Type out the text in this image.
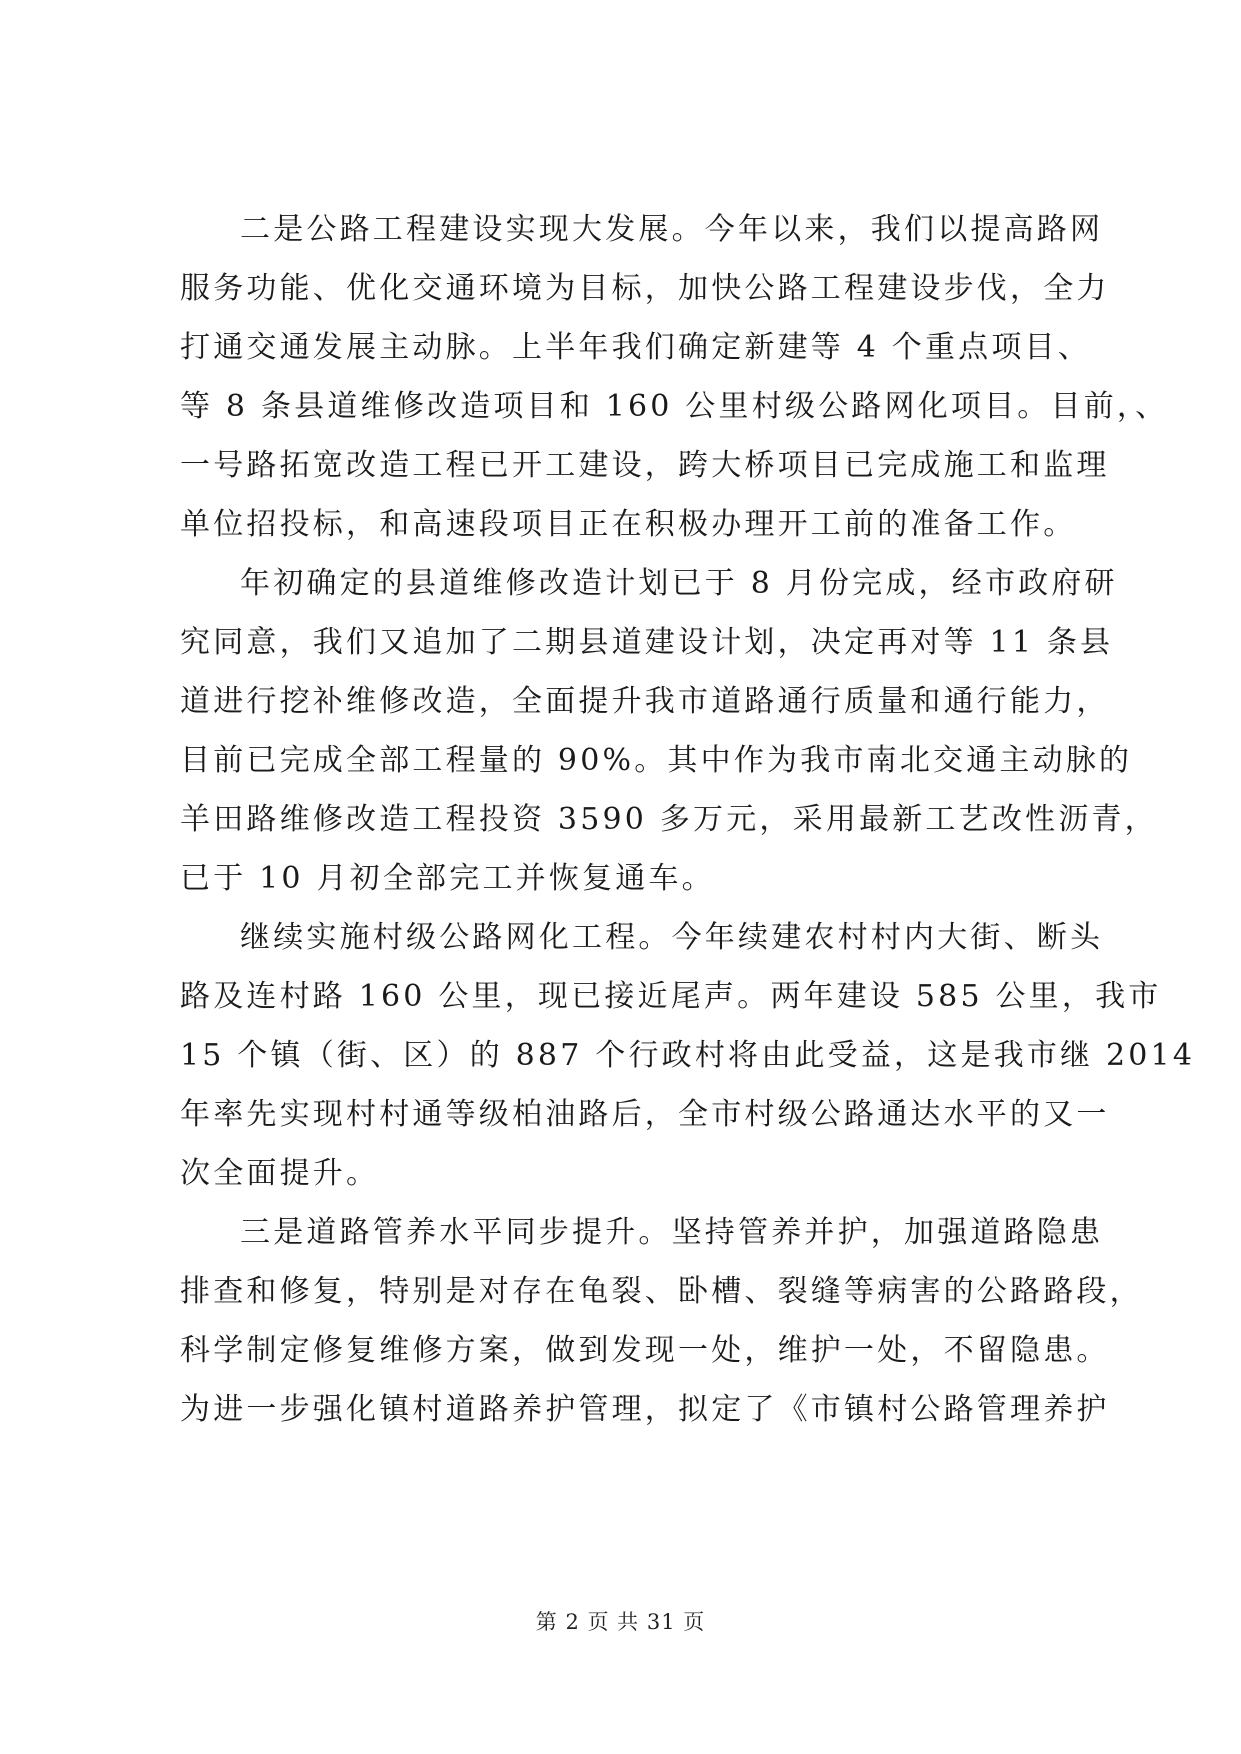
二是公路工程建设实现大发展。今年以来，我们以提高路网
服务功能、优化交通环境为目标，加快公路工程建设步伐，全力
打通交通发展主动脉。上半年我们确定新建等 4 个重点项目、
等 8 条县道维修改造项目和 160 公里村级公路网化项目。目前，、
一号路拓宽改造工程已开工建设，跨大桥项目已完成施工和监理
单位招投标，和高速段项目正在积极办理开工前的准备工作。
年初确定的县道维修改造计划已于 8 月份完成，经市政府研
究同意，我们又追加了二期县道建设计划，决定再对等 11 条县
道进行挖补维修改造，全面提升我市道路通行质量和通行能力，
目前已完成全部工程量的 90%。其中作为我市南北交通主动脉的
羊田路维修改造工程投资 3590 多万元，采用最新工艺改性沥青，
已于 10 月初全部完工并恢复通车。
继续实施村级公路网化工程。今年续建农村村内大街、断头
路及连村路 160 公里，现已接近尾声。两年建设 585 公里，我市
15 个镇（街、区）的 887 个行政村将由此受益，这是我市继 2014
年率先实现村村通等级柏油路后，全市村级公路通达水平的又一
次全面提升。
三是道路管养水平同步提升。坚持管养并护，加强道路隐患
排查和修复，特别是对存在龟裂、卧槽、裂缝等病害的公路路段，
科学制定修复维修方案，做到发现一处，维护一处，不留隐患。
为进一步强化镇村道路养护管理，拟定了《市镇村公路管理养护
第 2 页 共 31 页
